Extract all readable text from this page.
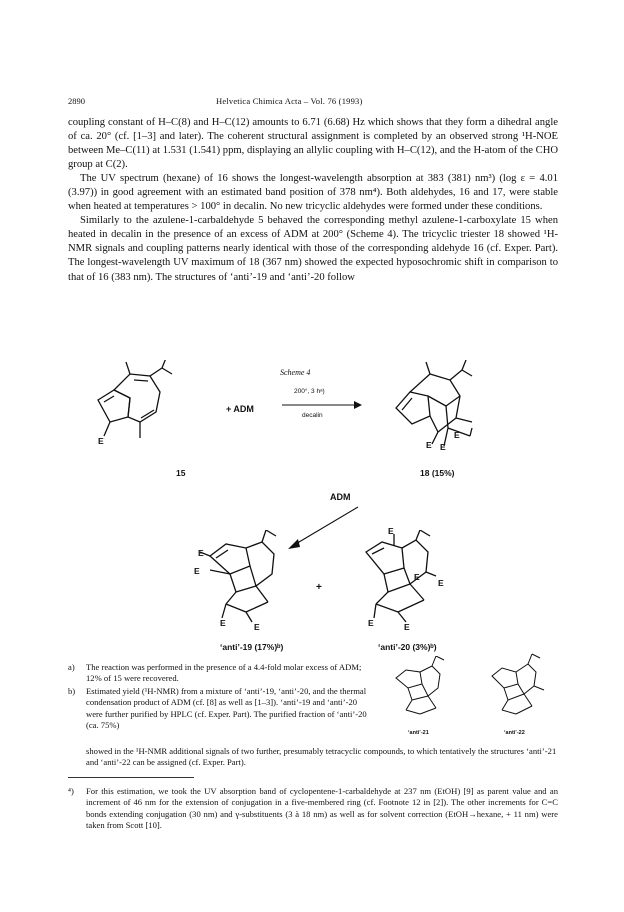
2890	Helvetica Chimica Acta – Vol. 76 (1993)

coupling constant of H–C(8) and H–C(12) amounts to 6.71 (6.68) Hz which shows that they form a dihedral angle of ca. 20° (cf. [1–3] and later). The coherent structural assignment is completed by an observed strong ¹H-NOE between Me–C(11) at 1.531 (1.541) ppm, displaying an allylic coupling with H–C(12), and the H-atom of the CHO group at C(2).

The UV spectrum (hexane) of 16 shows the longest-wavelength absorption at 383 (381) nm³) (log ε = 4.01 (3.97)) in good agreement with an estimated band position of 378 nm⁴). Both aldehydes, 16 and 17, were stable when heated at temperatures > 100° in decalin. No new tricyclic aldehydes were formed under these conditions.

Similarly to the azulene-1-carbaldehyde 5 behaved the corresponding methyl azulene-1-carboxylate 15 when heated in decalin in the presence of an excess of ADM at 200° (Scheme 4). The tricyclic triester 18 showed ¹H-NMR signals and coupling patterns nearly identical with those of the corresponding aldehyde 16 (cf. Exper. Part). The longest-wavelength UV maximum of 18 (367 nm) showed the expected hyposochromic shift in comparison to that of 16 (383 nm). The structures of ‘anti’-19 and ‘anti’-20 follow

Scheme 4
E
+ ADM
200°, 3 hᵃ)
decalin
E E
E
15	18 (15%)
ADM
E
E
E	E
+
E
E
E
E	E
‘anti’-19 (17%)ᵇ)	‘anti’-20 (3%)ᵇ)
a) The reaction was performed in the presence of a 4.4-fold molar excess of ADM; 12% of 15 were recovered.
b) Estimated yield (¹H-NMR) from a mixture of ‘anti’-19, ‘anti’-20, and the thermal condensation product of ADM (cf. [8] as well as [1–3]). ‘anti’-19 and ‘anti’-20 were further purified by HPLC (cf. Exper. Part). The purified fraction of ‘anti’-20 (ca. 75%)
showed in the ¹H-NMR additional signals of two further, presumably tetracyclic compounds, to which tentatively the structures ‘anti’-21 and ‘anti’-22 can be assigned (cf. Exper. Part).
‘anti’-21	‘anti’-22
⁴) For this estimation, we took the UV absorption band of cyclopentene-1-carbaldehyde at 237 nm (EtOH) [9] as parent value and an increment of 46 nm for the extension of conjugation in a five-membered ring (cf. Footnote 12 in [2]). The other increments for C=C bonds extending conjugation (30 nm) and γ-substituents (3 à 18 nm) as well as for solvent correction (EtOH→hexane, + 11 nm) were taken from Scott [10].
